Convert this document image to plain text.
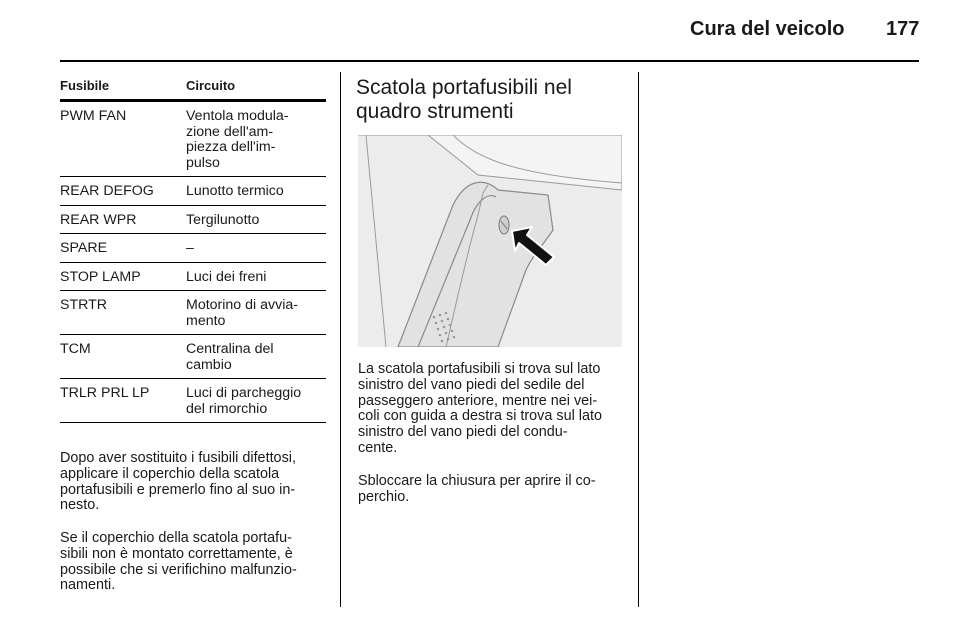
Cura del veicolo 177
Fusibile	Circuito
PWM FAN	Ventola modula-
zione dell'am-
piezza dell'im-
pulso
REAR DEFOG	Lunotto termico
REAR WPR	Tergilunotto
SPARE	–
STOP LAMP	Luci dei freni
STRTR	Motorino di avvia-
mento
TCM	Centralina del
cambio
TRLR PRL LP	Luci di parcheggio
del rimorchio

Dopo aver sostituito i fusibili difettosi,
applicare il coperchio della scatola
portafusibili e premerlo fino al suo in-
nesto.

Se il coperchio della scatola portafu-
sibili non è montato correttamente, è
possibile che si verifichino malfunzio-
namenti.

Scatola portafusibili nel
quadro strumenti

La scatola portafusibili si trova sul lato
sinistro del vano piedi del sedile del
passeggero anteriore, mentre nei vei-
coli con guida a destra si trova sul lato
sinistro del vano piedi del condu-
cente.

Sbloccare la chiusura per aprire il co-
perchio.
